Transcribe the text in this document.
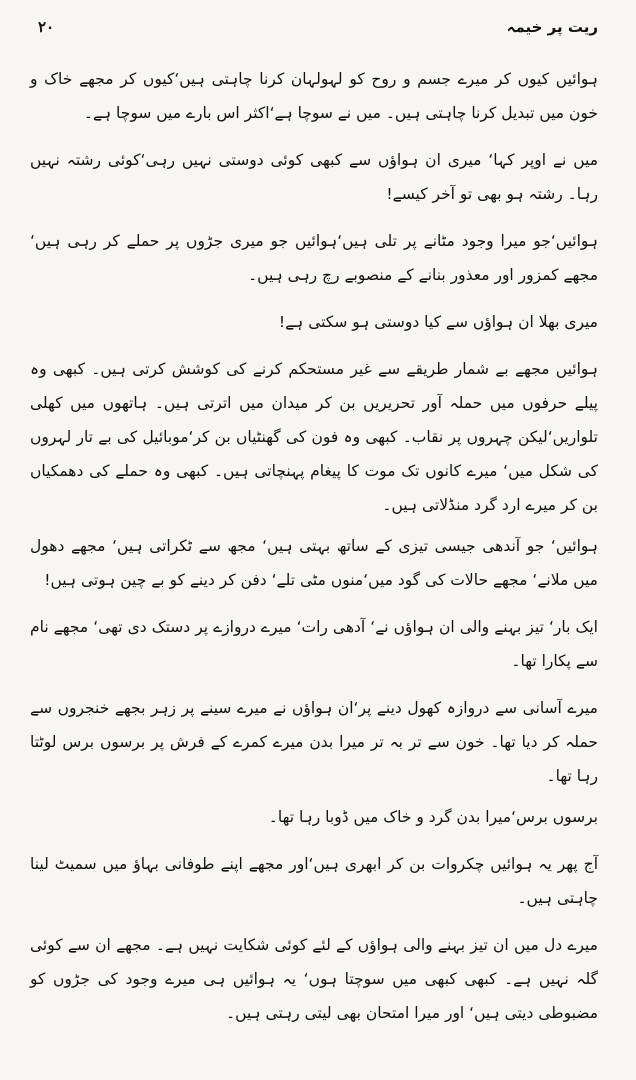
۲۰	ریت پر خیمہ

ہوائیں کیوں کر میرے جسم و روح کو لہولہان کرنا چاہتی ہیں‘کیوں کر مجھے خاک و خون میں تبدیل کرنا چاہتی ہیں۔ میں نے سوچا ہے‘اکثر اس بارے میں سوچا ہے۔

میں نے اوپر کہا‘ میری ان ہواؤں سے کبھی کوئی دوستی نہیں رہی‘کوئی رشتہ نہیں رہا۔ رشتہ ہو بھی تو آخر کیسے!

ہوائیں‘جو میرا وجود مٹانے پر تلی ہیں‘ہوائیں جو میری جڑوں پر حملے کر رہی ہیں‘ مجھے کمزور اور معذور بنانے کے منصوبے رچ رہی ہیں۔

میری بھلا ان ہواؤں سے کیا دوستی ہو سکتی ہے!

ہوائیں مجھے بے شمار طریقے سے غیر مستحکم کرنے کی کوشش کرتی ہیں۔ کبھی وہ پیلے حرفوں میں حملہ آور تحریریں بن کر میدان میں اترتی ہیں۔ ہاتھوں میں کھلی تلواریں‘لیکن چہروں پر نقاب۔ کبھی وہ فون کی گھنٹیاں بن کر‘موبائیل کی بے تار لہروں کی شکل میں‘ میرے کانوں تک موت کا پیغام پہنچاتی ہیں۔ کبھی وہ حملے کی دھمکیاں بن کر میرے ارد گرد منڈلاتی ہیں۔

ہوائیں‘ جو آندھی جیسی تیزی کے ساتھ بہتی ہیں‘ مجھ سے ٹکراتی ہیں‘ مجھے دھول میں ملانے‘ مجھے حالات کی گود میں‘منوں مٹی تلے‘ دفن کر دینے کو بے چین ہوتی ہیں!

ایک بار‘ تیز بہنے والی ان ہواؤں نے‘ آدھی رات‘ میرے دروازے پر دستک دی تھی‘ مجھے نام سے پکارا تھا۔

میرے آسانی سے دروازہ کھول دینے پر‘ان ہواؤں نے میرے سینے پر زہر بجھے خنجروں سے حملہ کر دیا تھا۔ خون سے تر بہ تر میرا بدن میرے کمرے کے فرش پر برسوں برس لوٹتا رہا تھا۔

برسوں برس‘میرا بدن گرد و خاک میں ڈوبا رہا تھا۔

آج پھر یہ ہوائیں چکروات بن کر ابھری ہیں‘اور مجھے اپنے طوفانی بہاؤ میں سمیٹ لینا چاہتی ہیں۔

میرے دل میں ان تیز بہنے والی ہواؤں کے لئے کوئی شکایت نہیں ہے۔ مجھے ان سے کوئی گلہ نہیں ہے۔ کبھی کبھی میں سوچتا ہوں‘ یہ ہوائیں ہی میرے وجود کی جڑوں کو مضبوطی دیتی ہیں‘ اور میرا امتحان بھی لیتی رہتی ہیں۔
